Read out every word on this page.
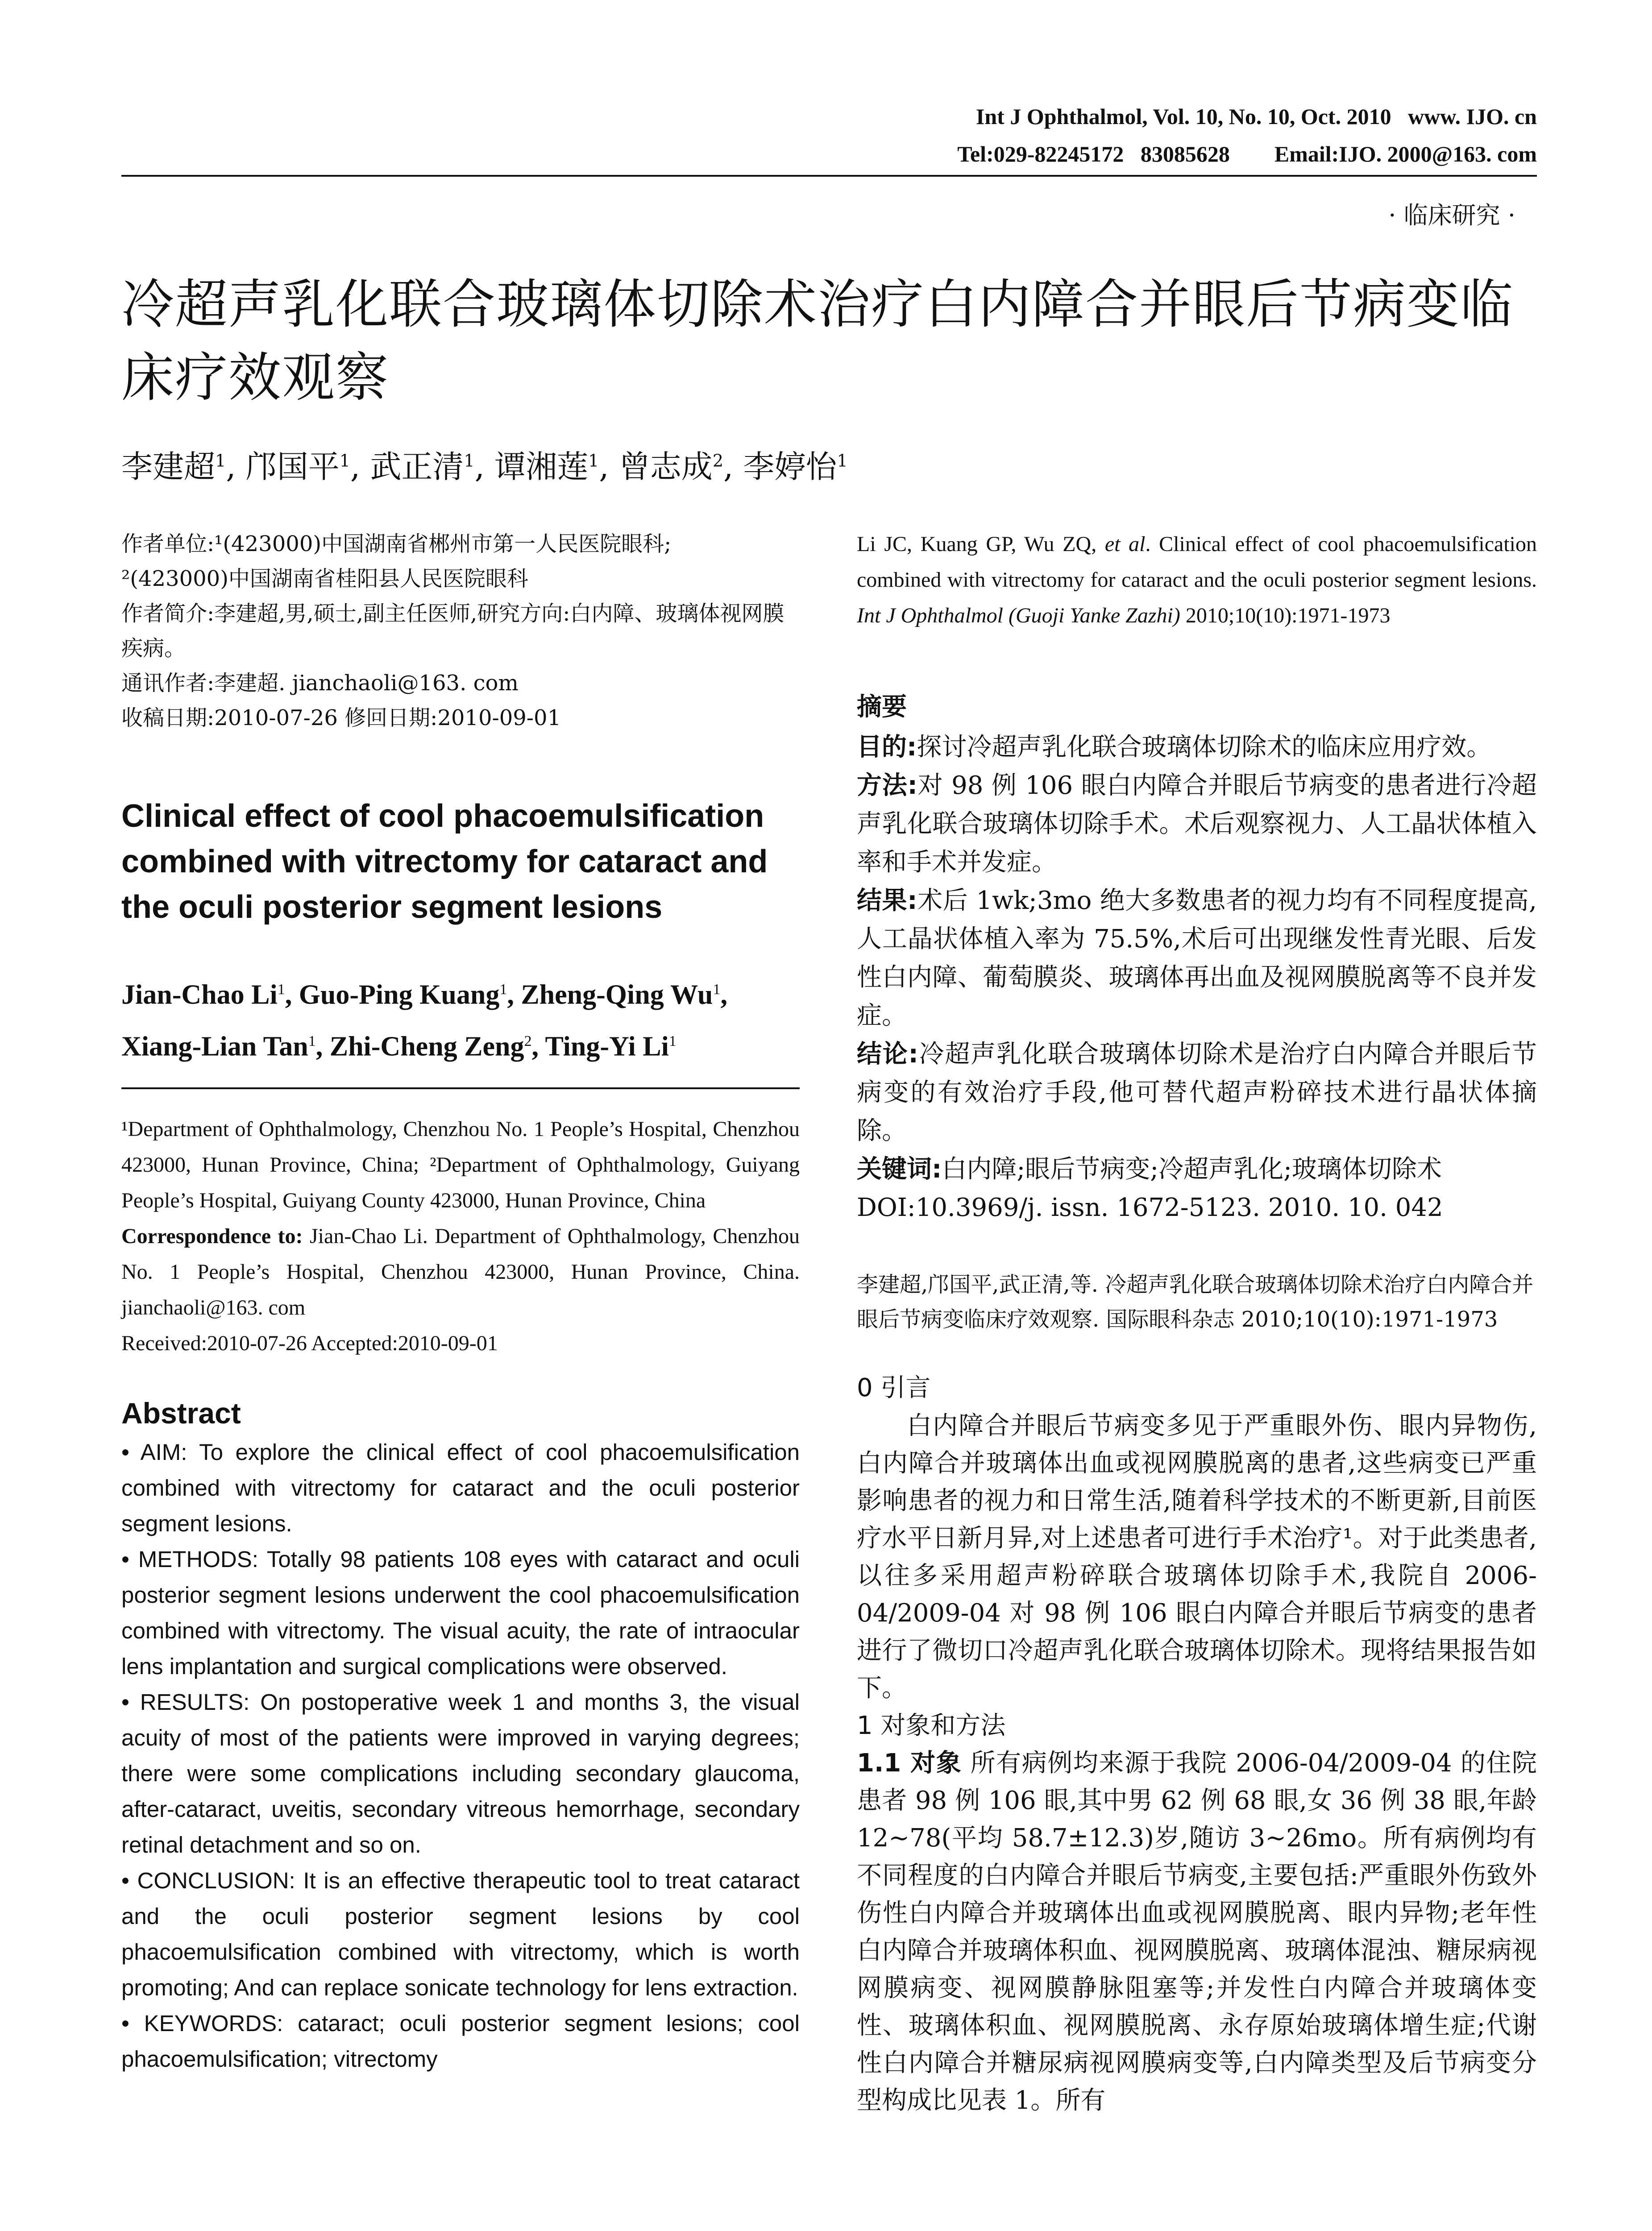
Int J Ophthalmol, Vol. 10, No. 10, Oct. 2010   www. IJO. cn
Tel:029-82245172   83085628        Email:IJO. 2000@163. com
· 临床研究 ·
冷超声乳化联合玻璃体切除术治疗白内障合并眼后节病变临床疗效观察
李建超$^1$, 邝国平$^1$, 武正清$^1$, 谭湘莲$^1$, 曾志成$^2$, 李婷怡$^1$

作者单位:¹(423000)中国湖南省郴州市第一人民医院眼科;

²(423000)中国湖南省桂阳县人民医院眼科

作者简介:李建超,男,硕士,副主任医师,研究方向:白内障、玻璃体视网膜疾病。

通讯作者:李建超. jianchaoli@163. com

收稿日期:2010-07-26 修回日期:2010-09-01

Clinical effect of cool phacoemulsification combined with vitrectomy for cataract and the oculi posterior segment lesions
Jian-Chao Li$^1$, Guo-Ping Kuang$^1$, Zheng-Qing Wu$^1$, Xiang-Lian Tan$^1$, Zhi-Cheng Zeng$^2$, Ting-Yi Li$^1$

¹Department of Ophthalmology, Chenzhou No. 1 People’s Hospital, Chenzhou 423000, Hunan Province, China; ²Department of Ophthalmology, Guiyang People’s Hospital, Guiyang County 423000, Hunan Province, China

Correspondence to: Jian-Chao Li. Department of Ophthalmology, Chenzhou No. 1 People’s Hospital, Chenzhou 423000, Hunan Province, China. jianchaoli@163. com

Received:2010-07-26 Accepted:2010-09-01

Abstract

• AIM: To explore the clinical effect of cool phacoemulsification combined with vitrectomy for cataract and the oculi posterior segment lesions.

• METHODS: Totally 98 patients 108 eyes with cataract and oculi posterior segment lesions underwent the cool phacoemulsification combined with vitrectomy. The visual acuity, the rate of intraocular lens implantation and surgical complications were observed.

• RESULTS: On postoperative week 1 and months 3, the visual acuity of most of the patients were improved in varying degrees; there were some complications including secondary glaucoma, after-cataract, uveitis, secondary vitreous hemorrhage, secondary retinal detachment and so on.

• CONCLUSION: It is an effective therapeutic tool to treat cataract and the oculi posterior segment lesions by cool phacoemulsification combined with vitrectomy, which is worth promoting; And can replace sonicate technology for lens extraction.

• KEYWORDS: cataract; oculi posterior segment lesions; cool phacoemulsification; vitrectomy

Li JC, Kuang GP, Wu ZQ, et al. Clinical effect of cool phacoemulsification combined with vitrectomy for cataract and the oculi posterior segment lesions. Int J Ophthalmol (Guoji Yanke Zazhi) 2010;10(10):1971-1973

摘要

目的:探讨冷超声乳化联合玻璃体切除术的临床应用疗效。

方法:对 98 例 106 眼白内障合并眼后节病变的患者进行冷超声乳化联合玻璃体切除手术。术后观察视力、人工晶状体植入率和手术并发症。

结果:术后 1wk;3mo 绝大多数患者的视力均有不同程度提高,人工晶状体植入率为 75.5%,术后可出现继发性青光眼、后发性白内障、葡萄膜炎、玻璃体再出血及视网膜脱离等不良并发症。

结论:冷超声乳化联合玻璃体切除术是治疗白内障合并眼后节病变的有效治疗手段,他可替代超声粉碎技术进行晶状体摘除。

关键词:白内障;眼后节病变;冷超声乳化;玻璃体切除术

DOI:10.3969/j. issn. 1672-5123. 2010. 10. 042

李建超,邝国平,武正清,等. 冷超声乳化联合玻璃体切除术治疗白内障合并眼后节病变临床疗效观察. 国际眼科杂志 2010;10(10):1971-1973

0 引言

白内障合并眼后节病变多见于严重眼外伤、眼内异物伤,白内障合并玻璃体出血或视网膜脱离的患者,这些病变已严重影响患者的视力和日常生活,随着科学技术的不断更新,目前医疗水平日新月异,对上述患者可进行手术治疗¹。对于此类患者,以往多采用超声粉碎联合玻璃体切除手术,我院自 2006-04/2009-04 对 98 例 106 眼白内障合并眼后节病变的患者进行了微切口冷超声乳化联合玻璃体切除术。现将结果报告如下。

1 对象和方法

1.1 对象 所有病例均来源于我院 2006-04/2009-04 的住院患者 98 例 106 眼,其中男 62 例 68 眼,女 36 例 38 眼,年龄 12~78(平均 58.7±12.3)岁,随访 3~26mo。所有病例均有不同程度的白内障合并眼后节病变,主要包括:严重眼外伤致外伤性白内障合并玻璃体出血或视网膜脱离、眼内异物;老年性白内障合并玻璃体积血、视网膜脱离、玻璃体混浊、糖尿病视网膜病变、视网膜静脉阻塞等;并发性白内障合并玻璃体变性、玻璃体积血、视网膜脱离、永存原始玻璃体增生症;代谢性白内障合并糖尿病视网膜病变等,白内障类型及后节病变分型构成比见表 1。所有
